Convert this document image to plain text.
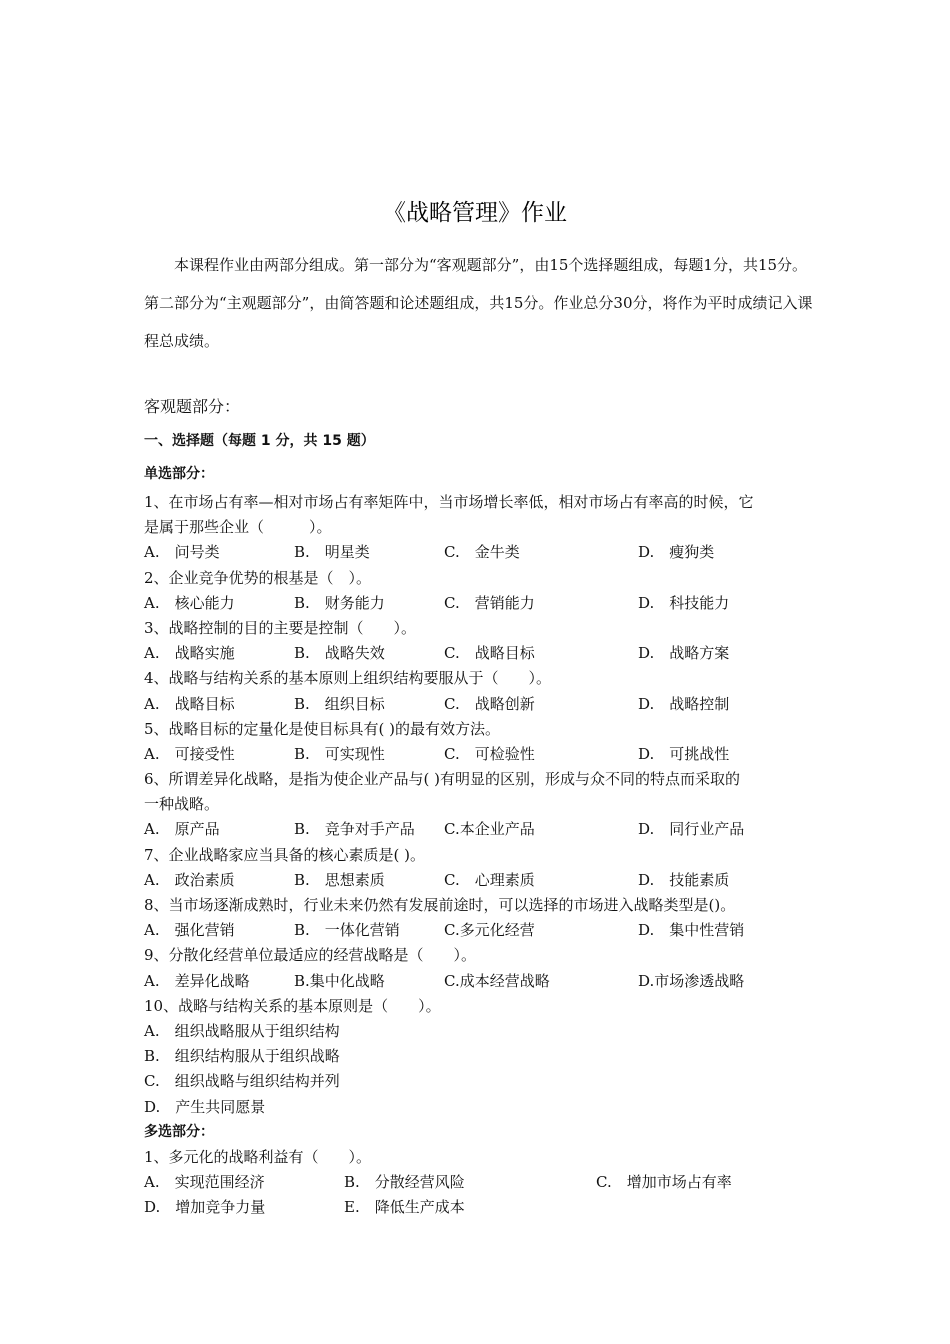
《战略管理》作业

本课程作业由两部分组成。第一部分为“客观题部分”，由15个选择题组成，每题1分，共15分。第二部分为“主观题部分”，由简答题和论述题组成，共15分。作业总分30分，将作为平时成绩记入课程总成绩。

客观题部分：
一、选择题（每题 1 分，共 15 题）
单选部分：
1、在市场占有率—相对市场占有率矩阵中，当市场增长率低，相对市场占有率高的时候，它
是属于那些企业（　　　）。
A.　问号类	B.　明星类	C.　金牛类	D.　瘦狗类
2、企业竞争优势的根基是（　）。
A.　核心能力	B.　财务能力	C.　营销能力	D.　科技能力
3、战略控制的目的主要是控制（　　）。
A.　战略实施	B.　战略失效	C.　战略目标	D.　战略方案
4、战略与结构关系的基本原则上组织结构要服从于（　　）。
A.　战略目标	B.　组织目标	C.　战略创新	D.　战略控制
5、战略目标的定量化是使目标具有( )的最有效方法。
A.　可接受性	B.　可实现性	C.　可检验性	D.　可挑战性
6、所谓差异化战略，是指为使企业产品与( )有明显的区别，形成与众不同的特点而采取的
一种战略。
A.　原产品	B.　竞争对手产品 C.本企业产品	D.　同行业产品
7、企业战略家应当具备的核心素质是( )。
A.　政治素质	B.　思想素质	C.　心理素质	D.　技能素质
8、当市场逐渐成熟时，行业未来仍然有发展前途时，可以选择的市场进入战略类型是()。
A.　强化营销	B.　一体化营销	C.多元化经营	D.　集中性营销
9、分散化经营单位最适应的经营战略是（　　）。
A.　差异化战略	B.集中化战略	C.成本经营战略	D.市场渗透战略
10、战略与结构关系的基本原则是（　　）。
A.　组织战略服从于组织结构
B.　组织结构服从于组织战略
C.　组织战略与组织结构并列
D.　产生共同愿景
多选部分：
1、多元化的战略利益有（　　）。
A.　实现范围经济	B.　分散经营风险	C.　增加市场占有率
D.　增加竞争力量	E.　降低生产成本
